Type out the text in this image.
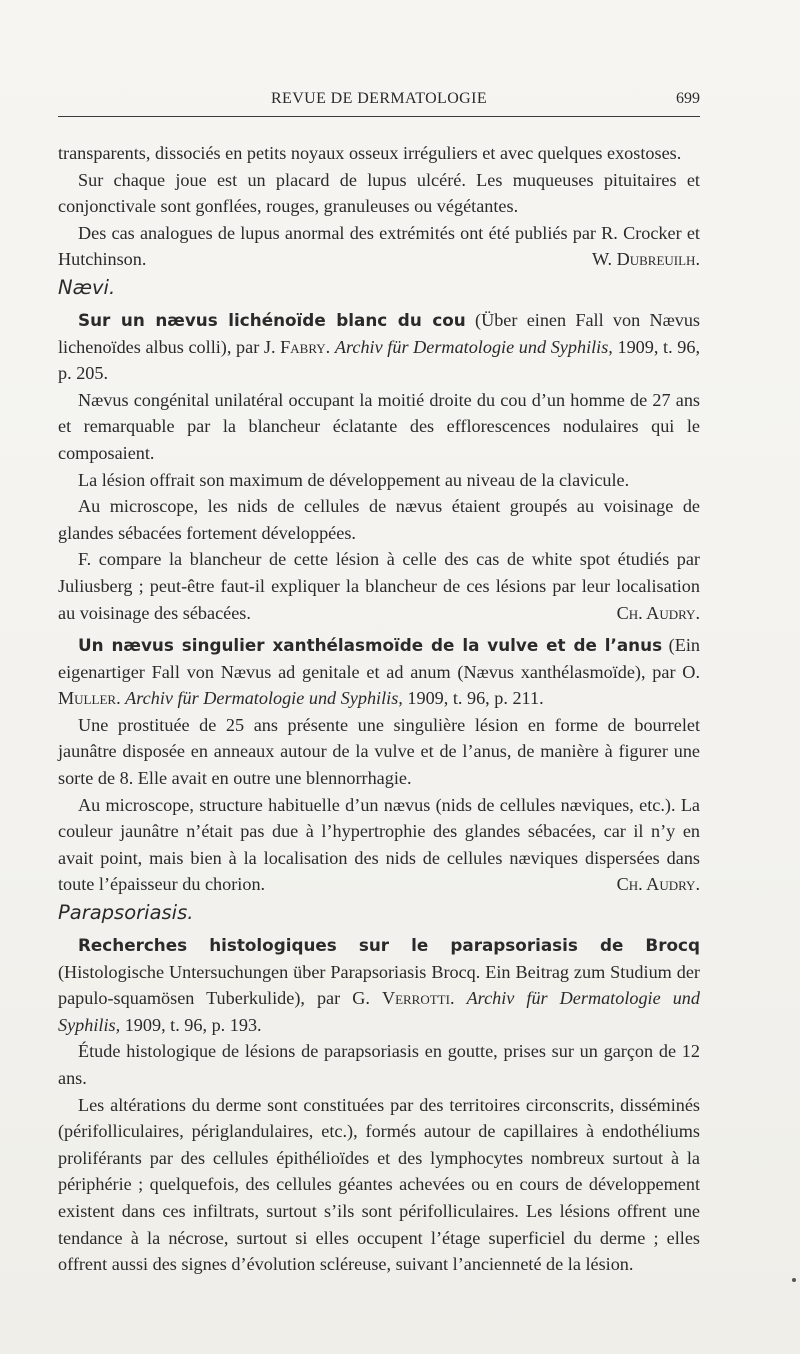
REVUE DE DERMATOLOGIE	699

transparents, dissociés en petits noyaux osseux irréguliers et avec quelques exostoses.

Sur chaque joue est un placard de lupus ulcéré. Les muqueuses pituitaires et conjonctivale sont gonflées, rouges, granuleuses ou végétantes.

Des cas analogues de lupus anormal des extrémités ont été publiés par R. Crocker et Hutchinson.	W. Dubreuilh.

Nævi.

Sur un nævus lichénoïde blanc du cou (Über einen Fall von Nævus lichenoïdes albus colli), par J. Fabry. Archiv für Dermatologie und Syphilis, 1909, t. 96, p. 205.

Nævus congénital unilatéral occupant la moitié droite du cou d’un homme de 27 ans et remarquable par la blancheur éclatante des efflorescences nodulaires qui le composaient.

La lésion offrait son maximum de développement au niveau de la clavicule.

Au microscope, les nids de cellules de nævus étaient groupés au voisinage de glandes sébacées fortement développées.

F. compare la blancheur de cette lésion à celle des cas de white spot étudiés par Juliusberg ; peut-être faut-il expliquer la blancheur de ces lésions par leur localisation au voisinage des sébacées.	Ch. Audry.

Un nævus singulier xanthélasmoïde de la vulve et de l’anus (Ein eigenartiger Fall von Nævus ad genitale et ad anum (Nævus xanthélasmoïde), par O. Muller. Archiv für Dermatologie und Syphilis, 1909, t. 96, p. 211.

Une prostituée de 25 ans présente une singulière lésion en forme de bourrelet jaunâtre disposée en anneaux autour de la vulve et de l’anus, de manière à figurer une sorte de 8. Elle avait en outre une blennorrhagie.

Au microscope, structure habituelle d’un nævus (nids de cellules næviques, etc.). La couleur jaunâtre n’était pas due à l’hypertrophie des glandes sébacées, car il n’y en avait point, mais bien à la localisation des nids de cellules næviques dispersées dans toute l’épaisseur du chorion.	Ch. Audry.

Parapsoriasis.

Recherches histologiques sur le parapsoriasis de Brocq (Histologische Untersuchungen über Parapsoriasis Brocq. Ein Beitrag zum Studium der papulo-squamösen Tuberkulide), par G. Verrotti. Archiv für Dermatologie und Syphilis, 1909, t. 96, p. 193.

Étude histologique de lésions de parapsoriasis en goutte, prises sur un garçon de 12 ans.

Les altérations du derme sont constituées par des territoires circonscrits, disséminés (périfolliculaires, périglandulaires, etc.), formés autour de capillaires à endothéliums proliférants par des cellules épithélioïdes et des lymphocytes nombreux surtout à la périphérie ; quelquefois, des cellules géantes achevées ou en cours de développement existent dans ces infiltrats, surtout s’ils sont périfolliculaires. Les lésions offrent une tendance à la nécrose, surtout si elles occupent l’étage superficiel du derme ; elles offrent aussi des signes d’évolution scléreuse, suivant l’ancienneté de la lésion.
